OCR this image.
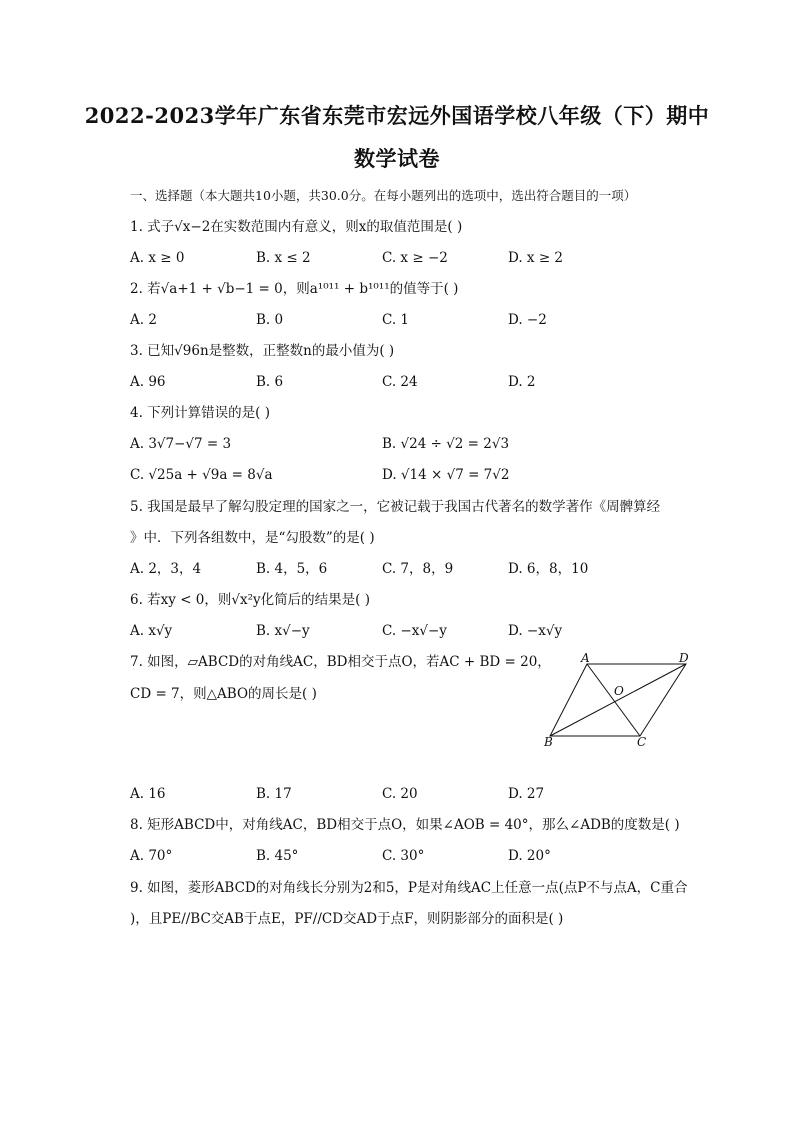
2022-2023学年广东省东莞市宏远外国语学校八年级（下）期中
数学试卷
一、选择题（本大题共10小题，共30.0分。在每小题列出的选项中，选出符合题目的一项）
1. 式子√x−2在实数范围内有意义，则x的取值范围是( )
A. x ≥ 0	B. x ≤ 2	C. x ≥ −2	D. x ≥ 2
2. 若√a+1 + √b−1 = 0，则a¹⁰¹¹ + b¹⁰¹¹的值等于( )
A. 2	B. 0	C. 1	D. −2
3. 已知√96n是整数，正整数n的最小值为( )
A. 96	B. 6	C. 24	D. 2
4. 下列计算错误的是( )
A. 3√7−√7 = 3	B. √24 ÷ √2 = 2√3
C. √25a + √9a = 8√a	D. √14 × √7 = 7√2
5. 我国是最早了解勾股定理的国家之一，它被记载于我国古代著名的数学著作《周髀算经
》中．下列各组数中，是“勾股数”的是( )
A. 2，3，4	B. 4，5，6	C. 7，8，9	D. 6，8，10
6. 若xy < 0，则√x²y化简后的结果是( )
A. x√y	B. x√−y	C. −x√−y	D. −x√y
7. 如图，▱ABCD的对角线AC，BD相交于点O，若AC + BD = 20，
CD = 7，则△ABO的周长是( )
A	D
O
B	C
A. 16	B. 17	C. 20	D. 27
8. 矩形ABCD中，对角线AC，BD相交于点O，如果∠AOB = 40°，那么∠ADB的度数是( )
A. 70°	B. 45°	C. 30°	D. 20°
9. 如图，菱形ABCD的对角线长分别为2和5，P是对角线AC上任意一点(点P不与点A，C重合
)，且PE//BC交AB于点E，PF//CD交AD于点F，则阴影部分的面积是( )
